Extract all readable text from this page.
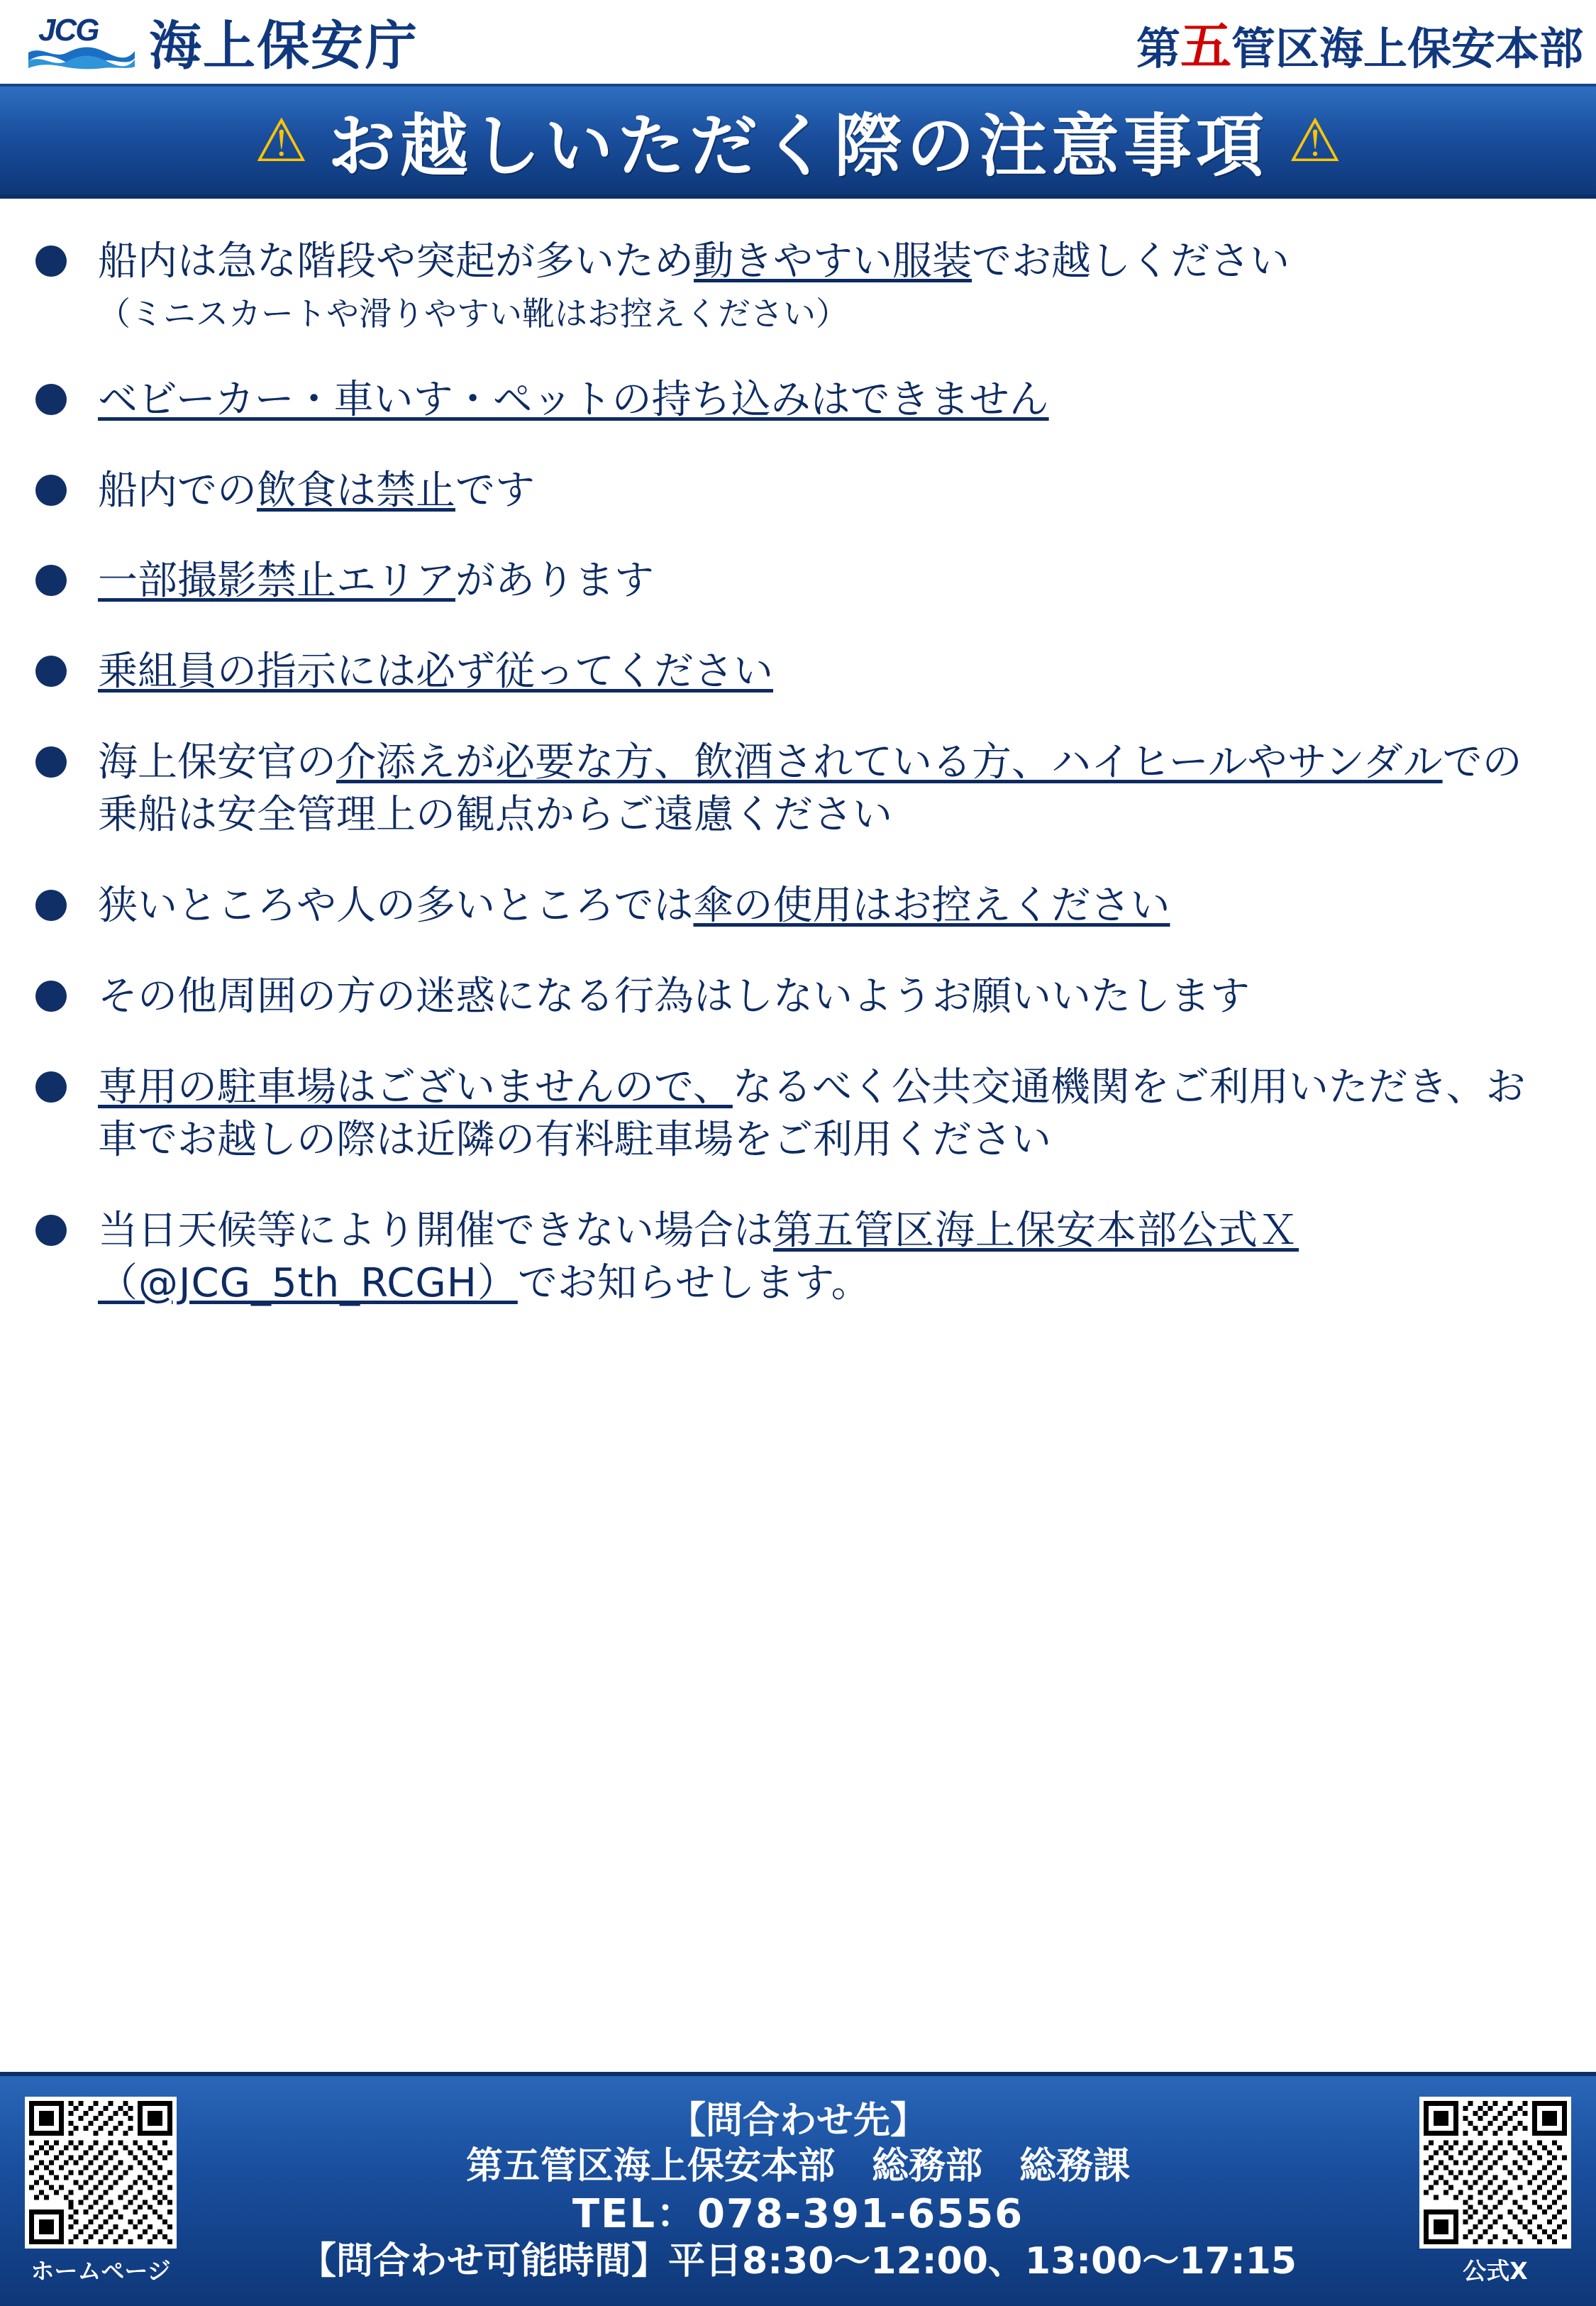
JCG 海上保安庁	第五管区海上保安本部
⚠ お越しいただく際の注意事項 ⚠
船内は急な階段や突起が多いため動きやすい服装でお越しください
（ミニスカートや滑りやすい靴はお控えください）
ベビーカー・車いす・ペットの持ち込みはできません
船内での飲食は禁止です
一部撮影禁止エリアがあります
乗組員の指示には必ず従ってください
海上保安官の介添えが必要な方、飲酒されている方、ハイヒールやサンダルでの乗船は安全管理上の観点からご遠慮ください
狭いところや人の多いところでは傘の使用はお控えください
その他周囲の方の迷惑になる行為はしないようお願いいたします
専用の駐車場はございませんので、なるべく公共交通機関をご利用いただき、お車でお越しの際は近隣の有料駐車場をご利用ください
当日天候等により開催できない場合は第五管区海上保安本部公式Ｘ（@JCG_5th_RCGH）でお知らせします。
ホームページ
【問合わせ先】
第五管区海上保安本部　総務部　総務課
TEL：078-391-6556
【問合わせ可能時間】平日8:30～12:00、13:00～17:15	公式X
